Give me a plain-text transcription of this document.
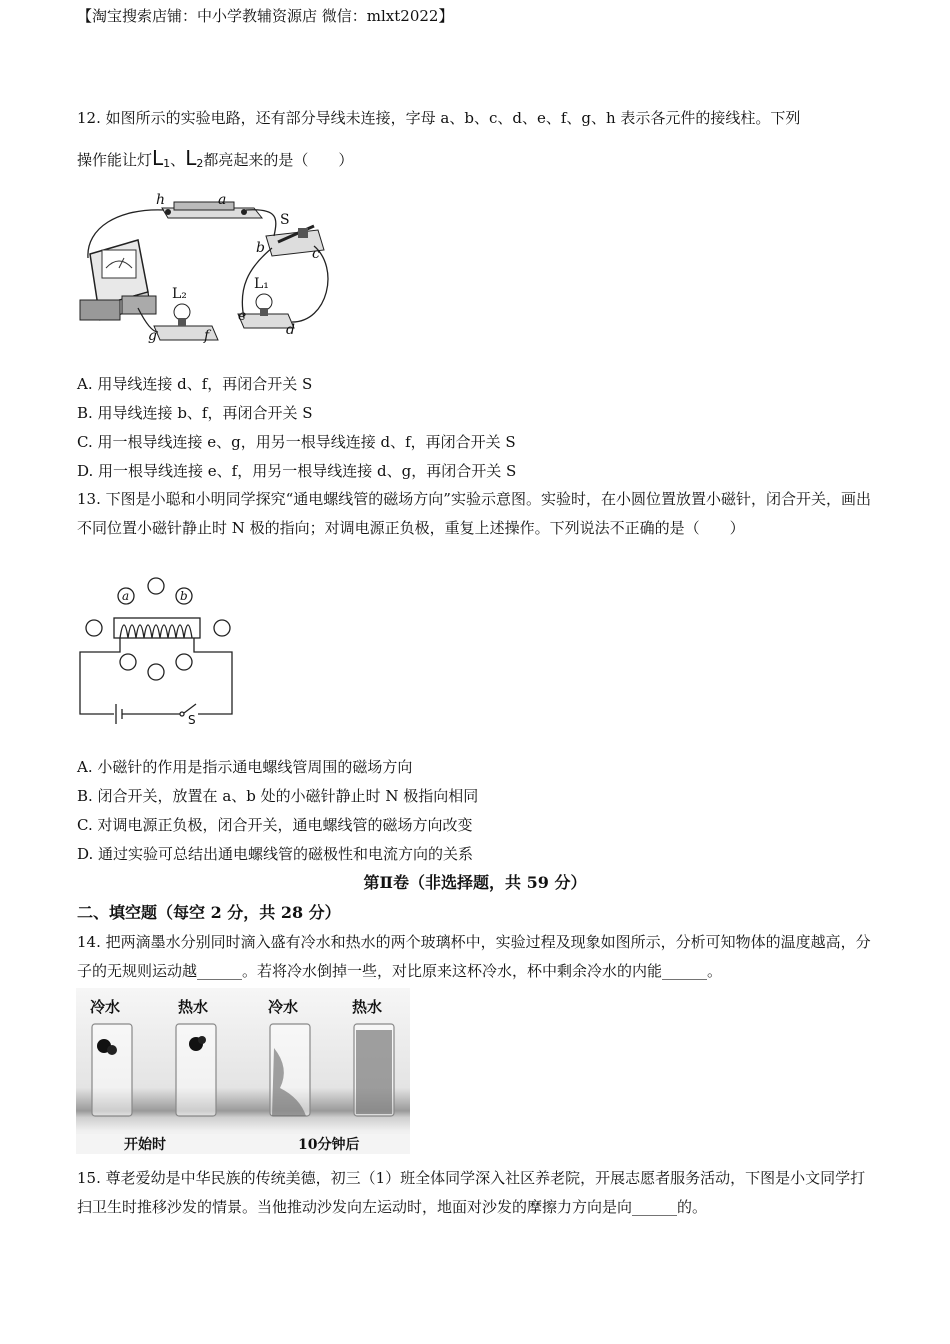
【淘宝搜索店铺：中小学教辅资源店 微信：mlxt2022】
12. 如图所示的实验电路，还有部分导线未连接，字母 a、b、c、d、e、f、g、h 表示各元件的接线柱。下列
操作能让灯L1、L2都亮起来的是（　　）
h	a
b	c
g	f
e
d
S
L₂
L₁
A. 用导线连接 d、f，再闭合开关 S
B. 用导线连接 b、f，再闭合开关 S
C. 用一根导线连接 e、g，用另一根导线连接 d、f，再闭合开关 S
D. 用一根导线连接 e、f，用另一根导线连接 d、g，再闭合开关 S
13. 下图是小聪和小明同学探究“通电螺线管的磁场方向”实验示意图。实验时，在小圆位置放置小磁针，闭合开关，画出不同位置小磁针静止时 N 极的指向；对调电源正负极，重复上述操作。下列说法不正确的是（　　）
a	b
S
A. 小磁针的作用是指示通电螺线管周围的磁场方向
B. 闭合开关，放置在 a、b 处的小磁针静止时 N 极指向相同
C. 对调电源正负极，闭合开关，通电螺线管的磁场方向改变
D. 通过实验可总结出通电螺线管的磁极性和电流方向的关系
第Ⅱ卷（非选择题，共 59 分）
二、填空题（每空 2 分，共 28 分）
14. 把两滴墨水分别同时滴入盛有冷水和热水的两个玻璃杯中，实验过程及现象如图所示，分析可知物体的温度越高，分子的无规则运动越______。若将冷水倒掉一些，对比原来这杯冷水，杯中剩余冷水的内能______。
冷水	热水	冷水	热水
开始时	10分钟后
15. 尊老爱幼是中华民族的传统美德，初三（1）班全体同学深入社区养老院，开展志愿者服务活动，下图是小文同学打扫卫生时推移沙发的情景。当他推动沙发向左运动时，地面对沙发的摩擦力方向是向______的。
